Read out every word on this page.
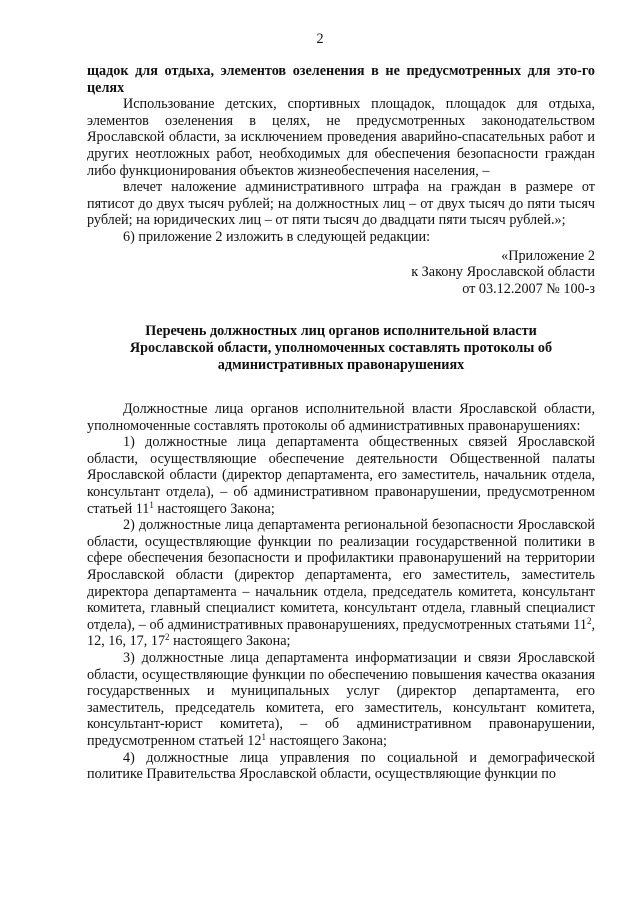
2

щадок для отдыха, элементов озеленения в не предусмотренных для это-го целях

Использование детских, спортивных площадок, площадок для отдыха, элементов озеленения в целях, не предусмотренных законодательством Ярославской области, за исключением проведения аварийно-спасательных работ и других неотложных работ, необходимых для обеспечения безопасности граждан либо функционирования объектов жизнеобеспечения населения, –

влечет наложение административного штрафа на граждан в размере от пятисот до двух тысяч рублей; на должностных лиц – от двух тысяч до пяти тысяч рублей; на юридических лиц – от пяти тысяч до двадцати пяти тысяч рублей.»;

6) приложение 2 изложить в следующей редакции:

«Приложение 2
к Закону Ярославской области
от 03.12.2007 № 100-з

Перечень должностных лиц органов исполнительной власти Ярославской области, уполномоченных составлять протоколы об административных правонарушениях

Должностные лица органов исполнительной власти Ярославской области, уполномоченные составлять протоколы об административных правонарушениях:

1) должностные лица департамента общественных связей Ярославской области, осуществляющие обеспечение деятельности Общественной палаты Ярославской области (директор департамента, его заместитель, начальник отдела, консультант отдела), – об административном правонарушении, предусмотренном статьей $11^1$ настоящего Закона;

2) должностные лица департамента региональной безопасности Ярославской области, осуществляющие функции по реализации государственной политики в сфере обеспечения безопасности и профилактики правонарушений на территории Ярославской области (директор департамента, его заместитель, заместитель директора департамента – начальник отдела, председатель комитета, консультант комитета, главный специалист комитета, консультант отдела, главный специалист отдела), – об административных правонарушениях, предусмотренных статьями $11^2$, 12, 16, 17, $17^2$ настоящего Закона;

3) должностные лица департамента информатизации и связи Ярославской области, осуществляющие функции по обеспечению повышения качества оказания государственных и муниципальных услуг (директор департамента, его заместитель, председатель комитета, его заместитель, консультант комитета, консультант-юрист комитета), – об административном правонарушении, предусмотренном статьей $12^1$ настоящего Закона;

4) должностные лица управления по социальной и демографической политике Правительства Ярославской области, осуществляющие функции по
